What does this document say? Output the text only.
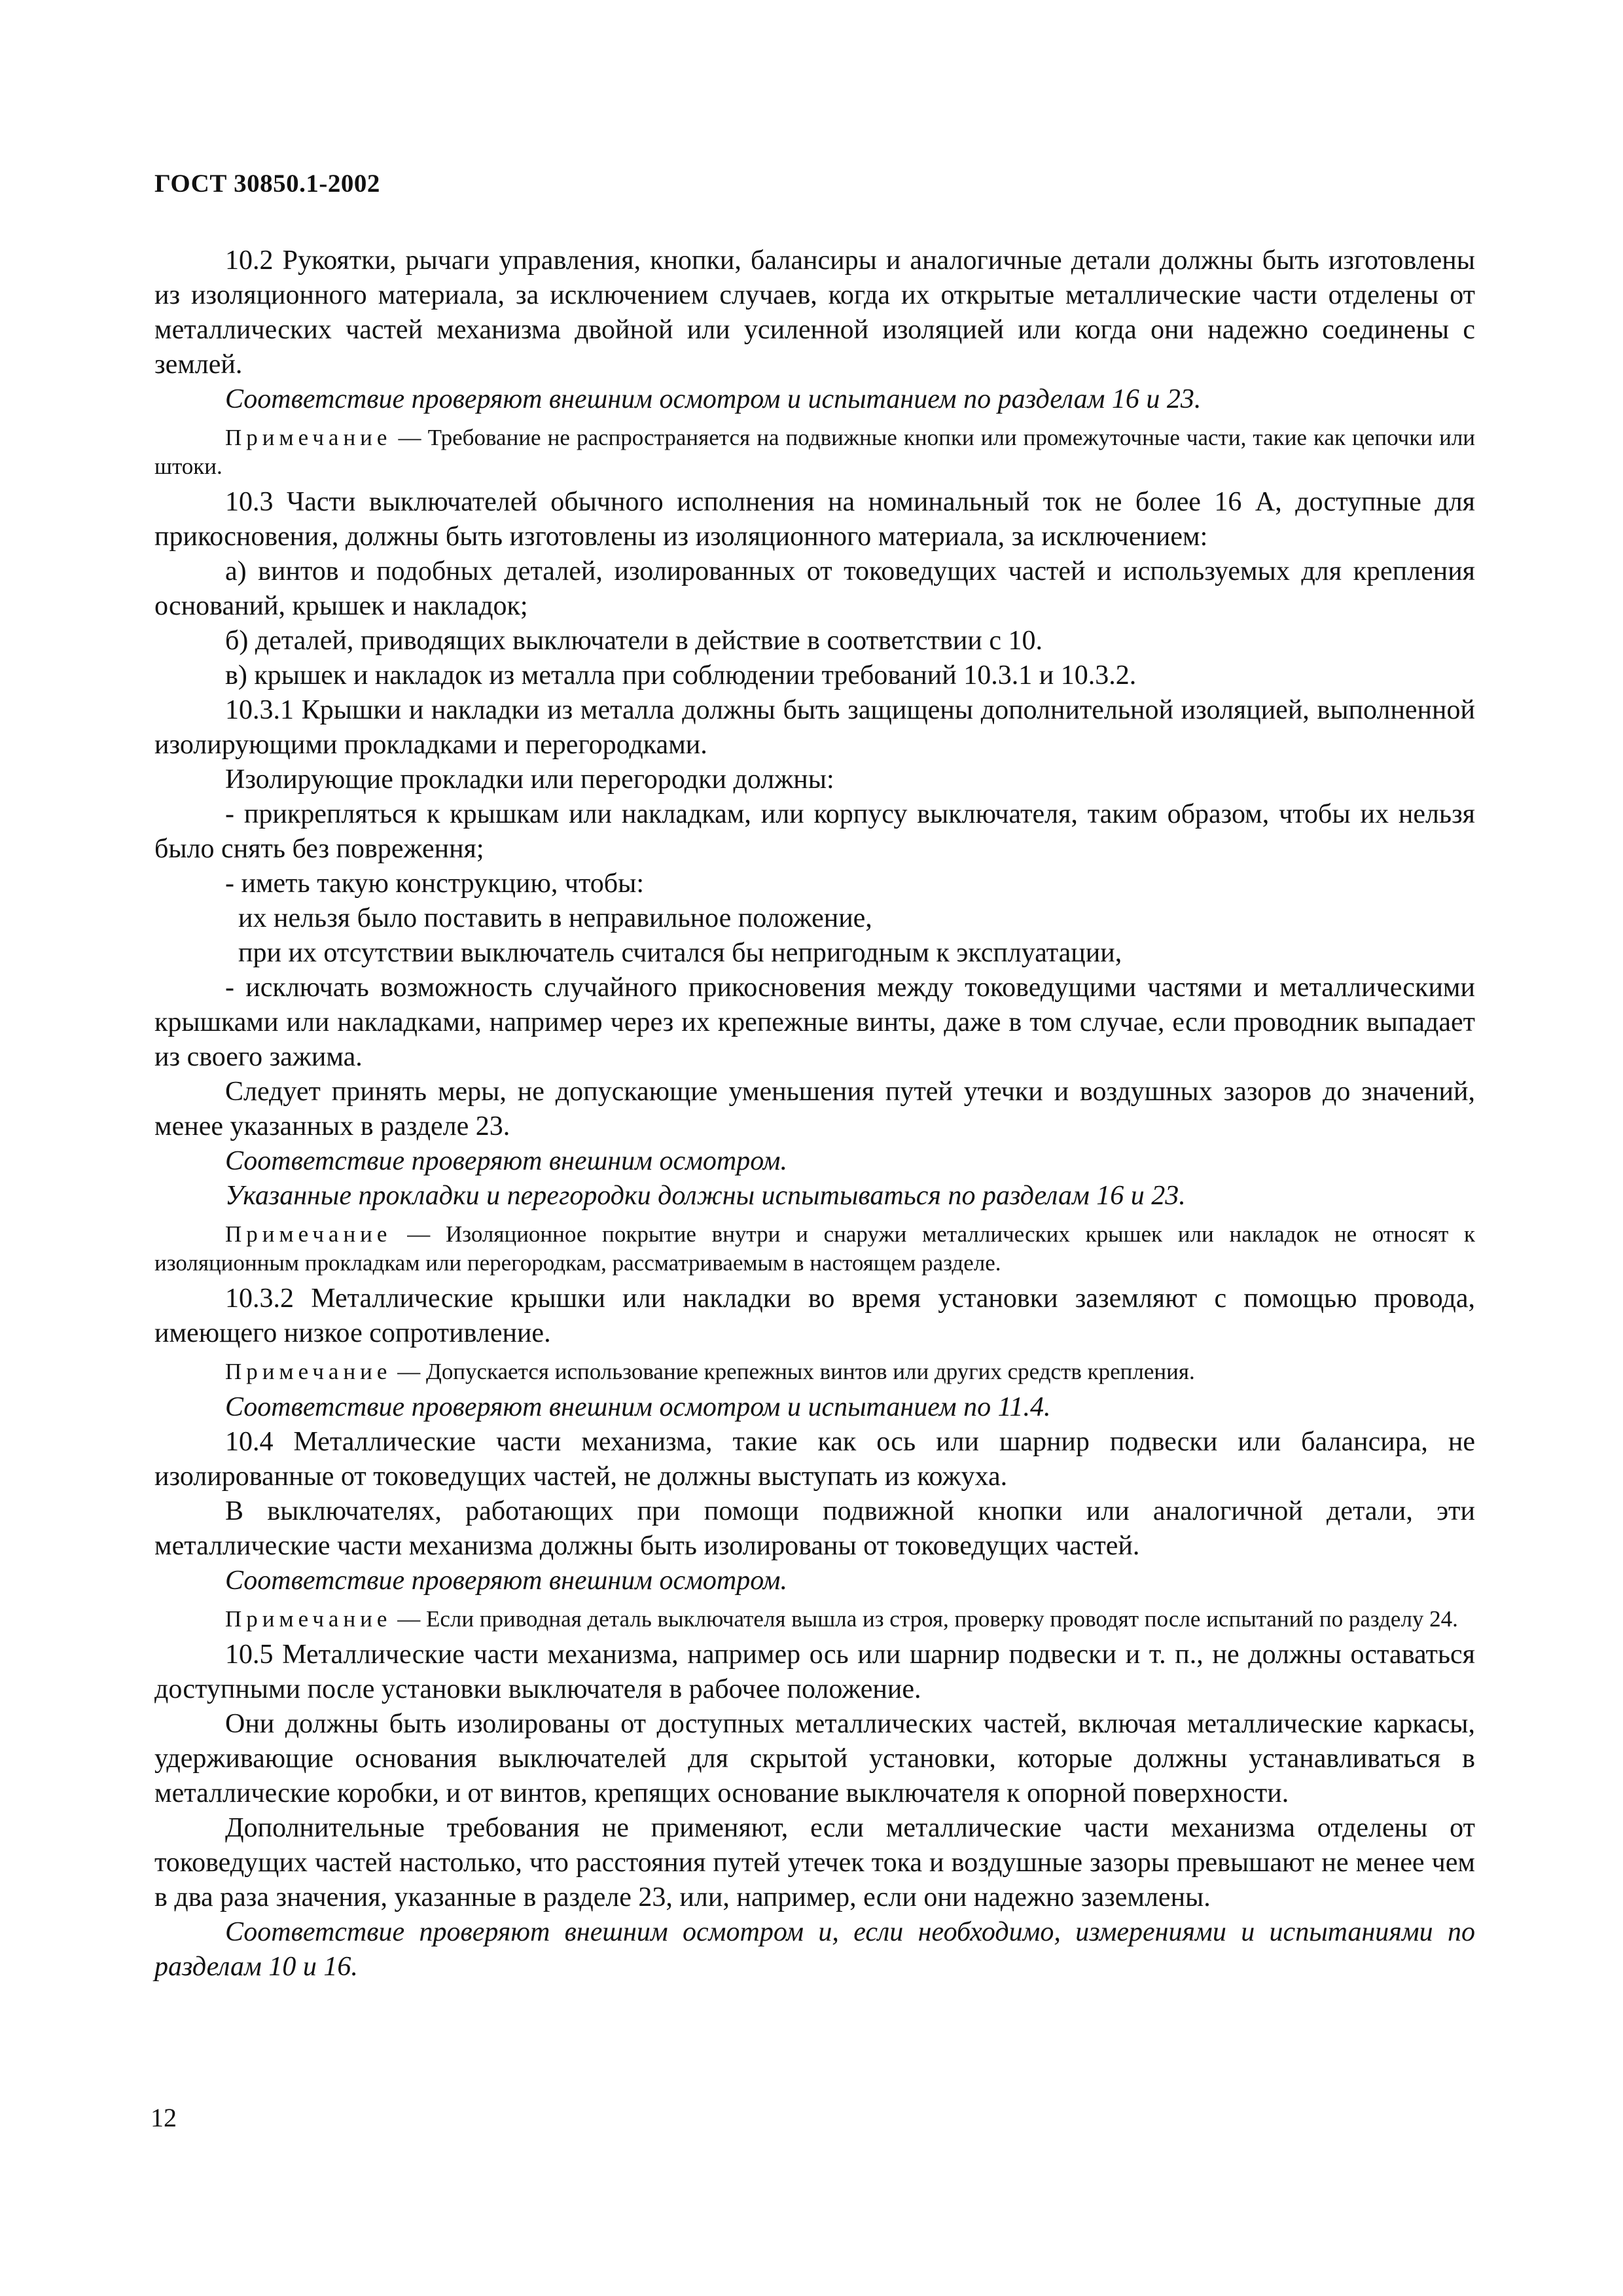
ГОСТ 30850.1-2002

10.2 Рукоятки, рычаги управления, кнопки, балансиры и аналогичные детали должны быть изготовлены из изоляционного материала, за исключением случаев, когда их открытые металлические части отделены от металлических частей механизма двойной или усиленной изоляцией или когда они надежно соединены с землей.

Соответствие проверяют внешним осмотром и испытанием по разделам 16 и 23.

Примечание — Требование не распространяется на подвижные кнопки или промежуточные части, такие как цепочки или штоки.

10.3 Части выключателей обычного исполнения на номинальный ток не более 16 А, доступные для прикосновения, должны быть изготовлены из изоляционного материала, за исключением:

а) винтов и подобных деталей, изолированных от токоведущих частей и используемых для крепления оснований, крышек и накладок;

б) деталей, приводящих выключатели в действие в соответствии с 10.

в) крышек и накладок из металла при соблюдении требований 10.3.1 и 10.3.2.

10.3.1 Крышки и накладки из металла должны быть защищены дополнительной изоляцией, выполненной изолирующими прокладками и перегородками.

Изолирующие прокладки или перегородки должны:

- прикрепляться к крышкам или накладкам, или корпусу выключателя, таким образом, чтобы их нельзя было снять без повреження;

- иметь такую конструкцию, чтобы:

их нельзя было поставить в неправильное положение,

при их отсутствии выключатель считался бы непригодным к эксплуатации,

- исключать возможность случайного прикосновения между токоведущими частями и металлическими крышками или накладками, например через их крепежные винты, даже в том случае, если проводник выпадает из своего зажима.

Следует принять меры, не допускающие уменьшения путей утечки и воздушных зазоров до значений, менее указанных в разделе 23.

Соответствие проверяют внешним осмотром.

Указанные прокладки и перегородки должны испытываться по разделам 16 и 23.

Примечание — Изоляционное покрытие внутри и снаружи металлических крышек или накладок не относят к изоляционным прокладкам или перегородкам, рассматриваемым в настоящем разделе.

10.3.2 Металлические крышки или накладки во время установки заземляют с помощью провода, имеющего низкое сопротивление.

Примечание — Допускается использование крепежных винтов или других средств крепления.

Соответствие проверяют внешним осмотром и испытанием по 11.4.

10.4 Металлические части механизма, такие как ось или шарнир подвески или балансира, не изолированные от токоведущих частей, не должны выступать из кожуха.

В выключателях, работающих при помощи подвижной кнопки или аналогичной детали, эти металлические части механизма должны быть изолированы от токоведущих частей.

Соответствие проверяют внешним осмотром.

Примечание — Если приводная деталь выключателя вышла из строя, проверку проводят после испытаний по разделу 24.

10.5 Металлические части механизма, например ось или шарнир подвески и т. п., не должны оставаться доступными после установки выключателя в рабочее положение.

Они должны быть изолированы от доступных металлических частей, включая металлические каркасы, удерживающие основания выключателей для скрытой установки, которые должны устанавливаться в металлические коробки, и от винтов, крепящих основание выключателя к опорной поверхности.

Дополнительные требования не применяют, если металлические части механизма отделены от токоведущих частей настолько, что расстояния путей утечек тока и воздушные зазоры превышают не менее чем в два раза значения, указанные в разделе 23, или, например, если они надежно заземлены.

Соответствие проверяют внешним осмотром и, если необходимо, измерениями и испытаниями по разделам 10 и 16.

12
